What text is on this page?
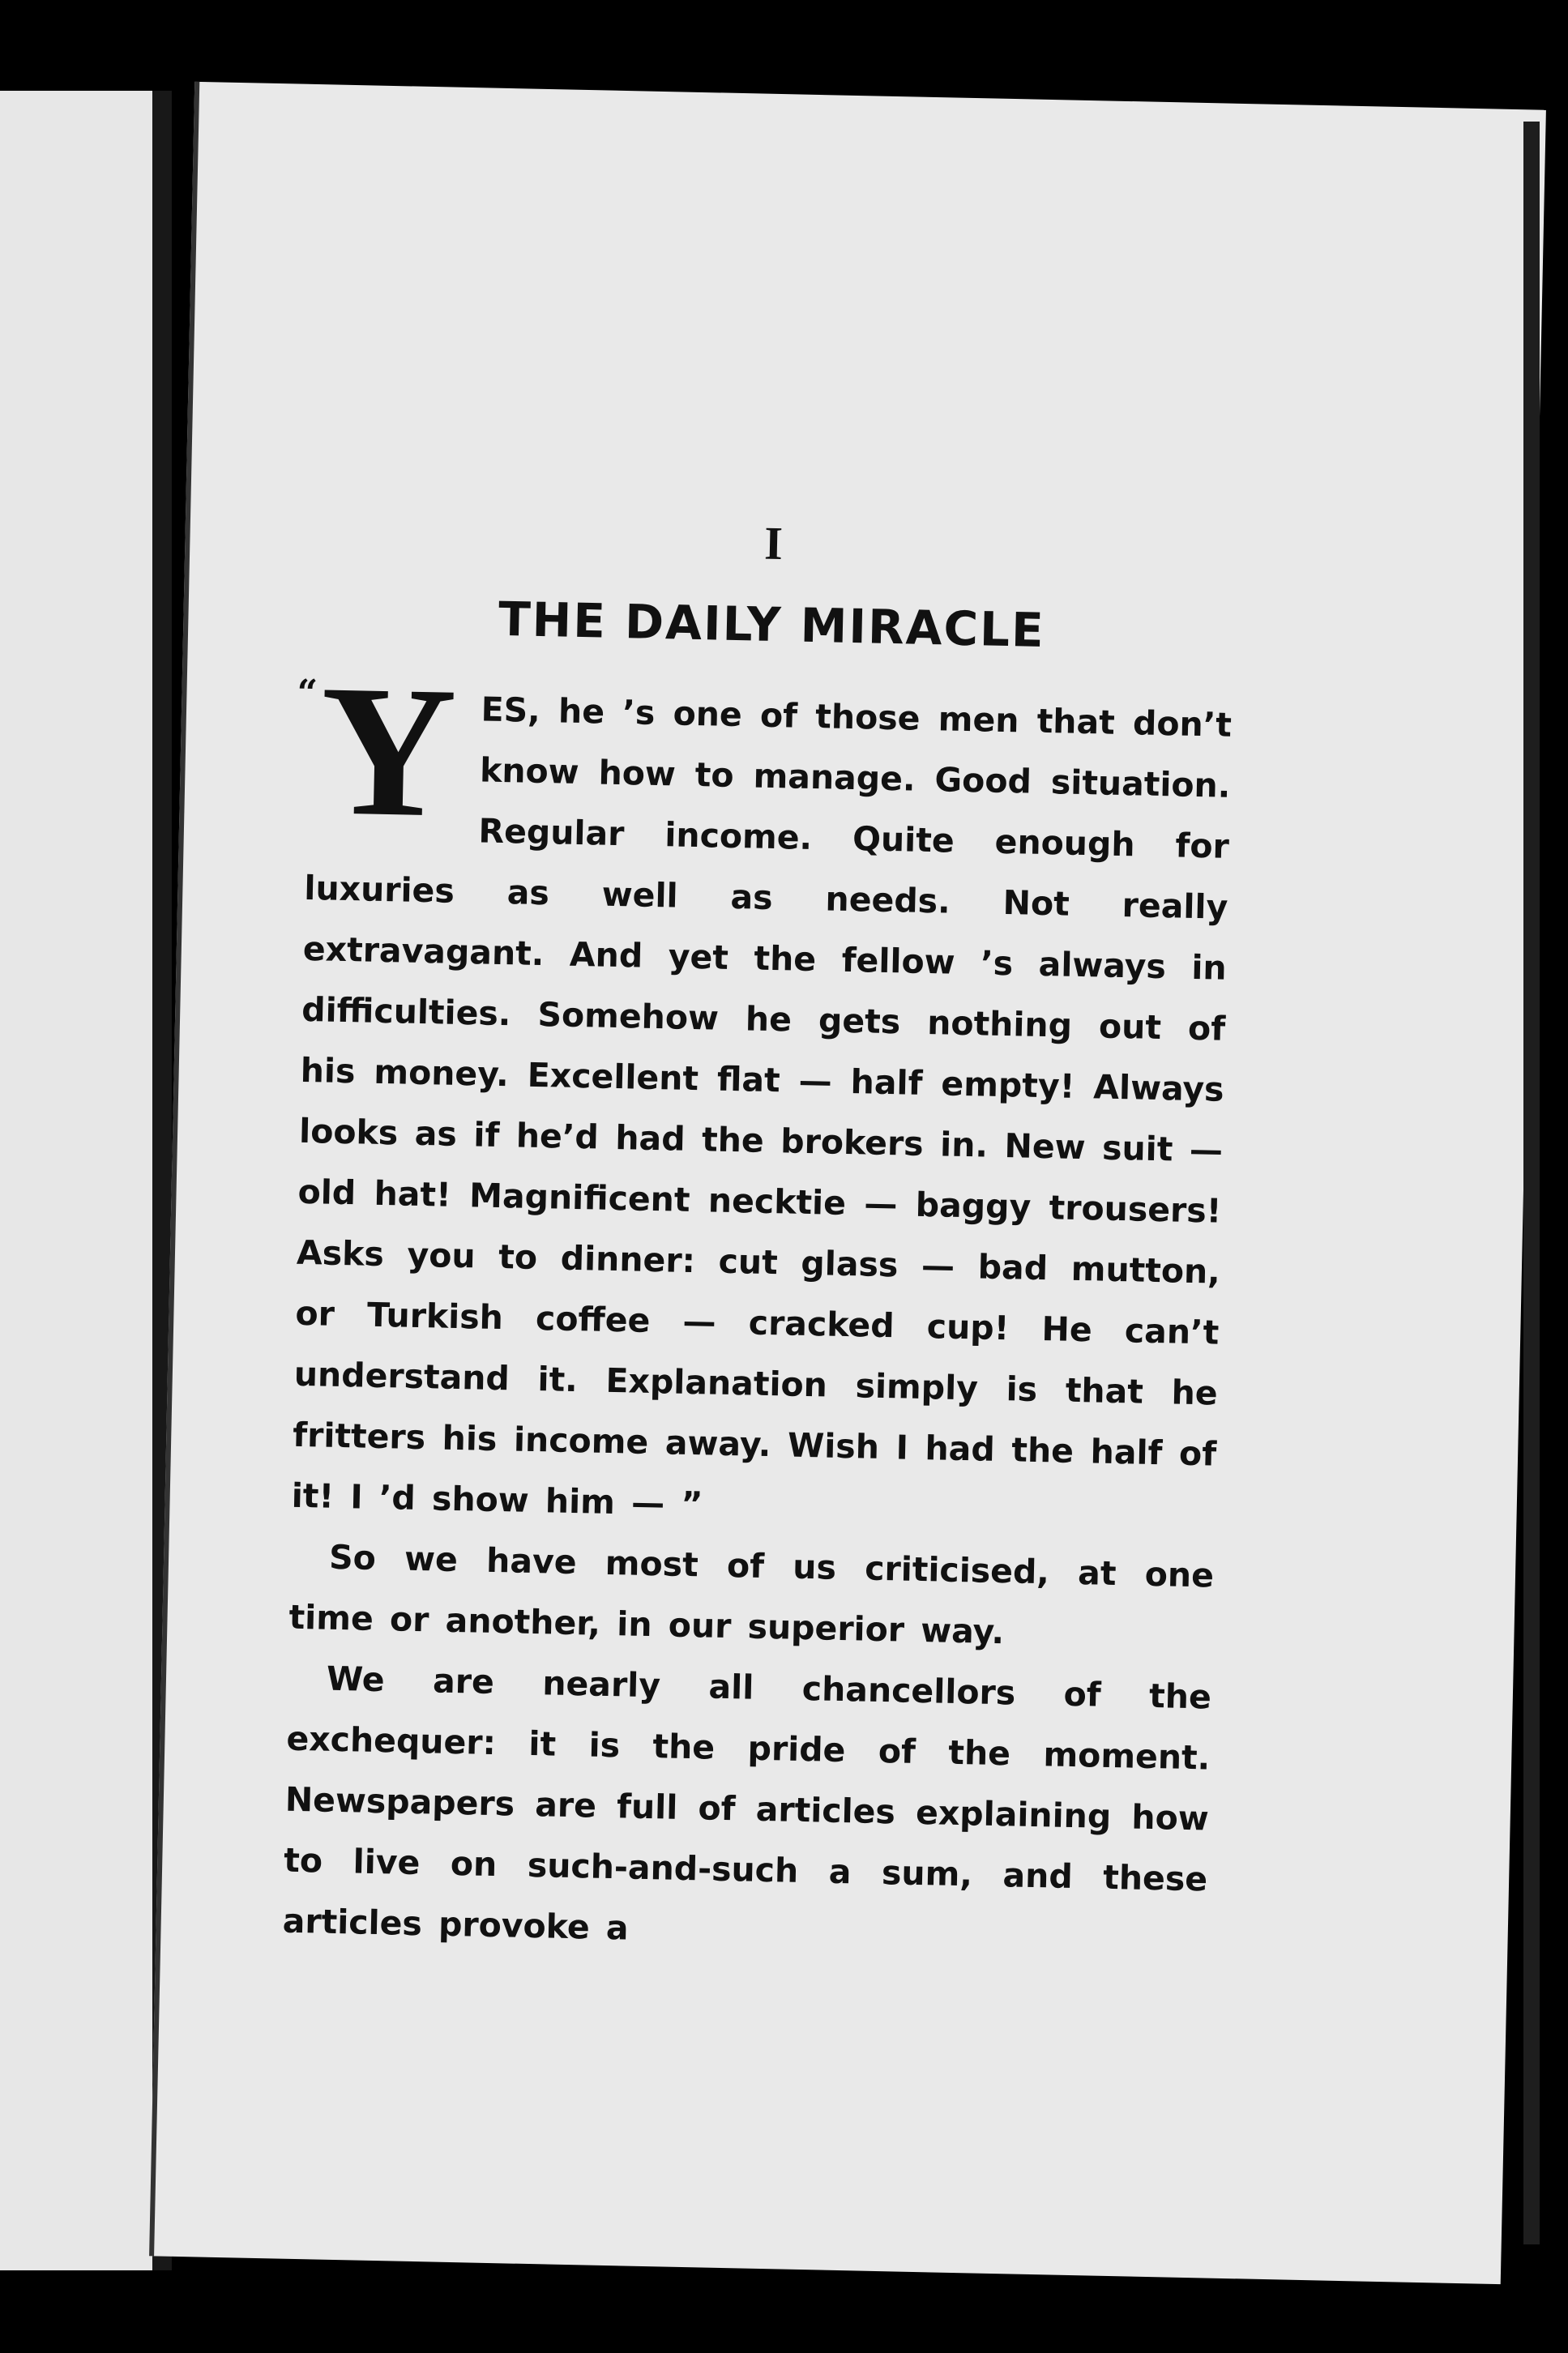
I
THE DAILY MIRACLE

“ Y ES, he ’s one of those men that don’t know how to manage. Good situation. Regular income. Quite enough for luxuries as well as needs. Not really extravagant. And yet the fellow ’s always in difficulties. Somehow he gets nothing out of his money. Excellent flat — half empty! Always looks as if he’d had the brokers in. New suit — old hat! Magnificent necktie — baggy trousers! Asks you to dinner: cut glass — bad mutton, or Turkish coffee — cracked cup! He can’t understand it. Explanation simply is that he fritters his income away. Wish I had the half of it! I ’d show him — ”

So we have most of us criticised, at one time or another, in our superior way.

We are nearly all chancellors of the exchequer: it is the pride of the moment. Newspapers are full of articles explaining how to live on such-and-such a sum, and these articles provoke a
